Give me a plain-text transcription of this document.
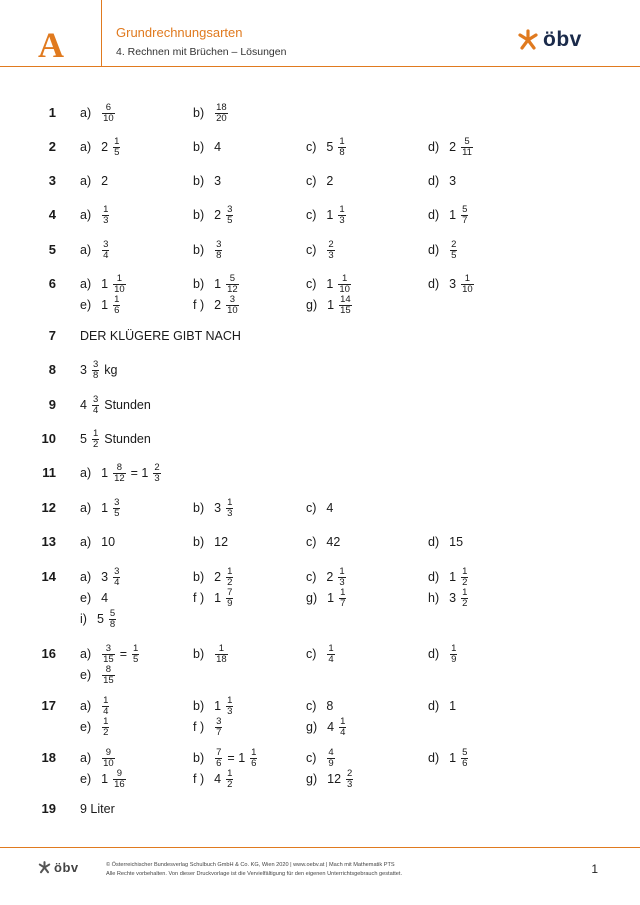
A	Grundrechnungsarten
4. Rechnen mit Brüchen – Lösungen
öbv
1 $a) \frac{6}{10}$	$b) \frac{18}{20}$
2 a) $2 \frac{1}{5}$	b) 4	c) $5 \frac{1}{8}$	d) $2 \frac{5}{11}$
3 a) 2	b) 3	c) 2	d) 3
4 $a) \frac{1}{3}$	b) $2 \frac{3}{5}$	c) $1 \frac{1}{3}$	d) $1 \frac{5}{7}$
5 $a) \frac{3}{4}$	$b) \frac{3}{8}$	$c) \frac{2}{3}$	$d) \frac{2}{5}$
6 a) $1 \frac{1}{10}$	b) $1 \frac{5}{12}$	c) $1 \frac{1}{10}$	d) $3 \frac{1}{10}$
e) $1 \frac{1}{6}$	f ) $2 \frac{3}{10}$	g) $1 \frac{14}{15}$
7 DER KLÜGERE GIBT NACH
8 $3 \frac{3}{8}$ kg
9 $4 \frac{3}{4}$ Stunden
10 $5 \frac{1}{2}$ Stunden
11 a) $1 \frac{8}{12} = 1 \frac{2}{3}$
12 a) $1 \frac{3}{5}$	b) $3 \frac{1}{3}$	c) 4
13 a) 10	b) 12	c) 42	d) 15
14 a) $3 \frac{3}{4}$	b) $2 \frac{1}{2}$	c) $2 \frac{1}{3}$	d) $1 \frac{1}{2}$
e) 4	f ) $1 \frac{7}{9}$	g) $1 \frac{1}{7}$	h) $3 \frac{1}{2}$
i) $5 \frac{5}{8}$
16 $a) \frac{3}{15} = \frac{1}{5}$	$b) \frac{1}{18}$	$c) \frac{1}{4}$	$d) \frac{1}{9}$
$e) \frac{8}{15}$
17 $a) \frac{1}{4}$	b) $1 \frac{1}{3}$	c) 8	d) 1
$e) \frac{1}{2}$	f ) $\frac{3}{7}$	g) $4 \frac{1}{4}$
18 $a) \frac{9}{10}$	$b) \frac{7}{6} = 1 \frac{1}{6}$	$c) \frac{4}{9}$	d) $1 \frac{5}{6}$
e) $1 \frac{9}{16}$	f ) $4 \frac{1}{2}$	g) $12 \frac{2}{3}$
19 9 Liter
öbv	© Österreichischer Bundesverlag Schulbuch GmbH & Co. KG, Wien 2020 | www.oebv.at | Mach mit Mathematik PTS
Alle Rechte vorbehalten. Von dieser Druckvorlage ist die Vervielfältigung für den eigenen Unterrichtsgebrauch gestattet.	1
